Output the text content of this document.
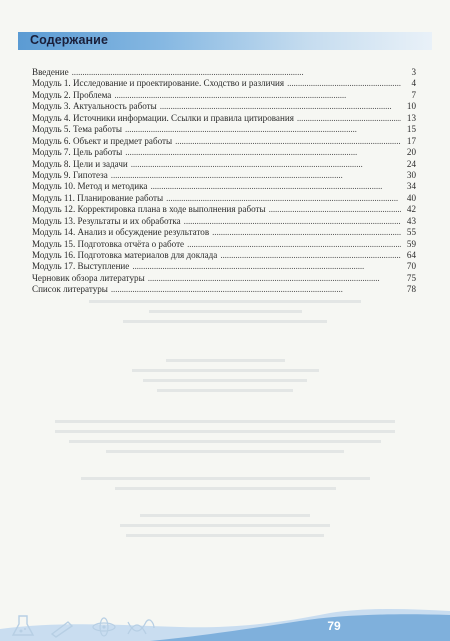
Содержание
Введение . . .	3
Модуль 1. Исследование и проектирование. Сходство и различия . . .	4
Модуль 2. Проблема . . .	7
Модуль 3. Актуальность работы . . .	10
Модуль 4. Источники информации. Ссылки и правила цитирования . . .	13
Модуль 5. Тема работы . . .	15
Модуль 6. Объект и предмет работы . . .	17
Модуль 7. Цель работы . . .	20
Модуль 8. Цели и задачи . . .	24
Модуль 9. Гипотеза . . .	30
Модуль 10. Метод и методика . . .	34
Модуль 11. Планирование работы . . .	40
Модуль 12. Корректировка плана в ходе выполнения работы . . .	42
Модуль 13. Результаты и их обработка . . .	43
Модуль 14. Анализ и обсуждение результатов . . .	55
Модуль 15. Подготовка отчёта о работе . . .	59
Модуль 16. Подготовка материалов для доклада . . .	64
Модуль 17. Выступление . . .	70
Черновик обзора литературы . . .	75
Список литературы . . .	78
79
